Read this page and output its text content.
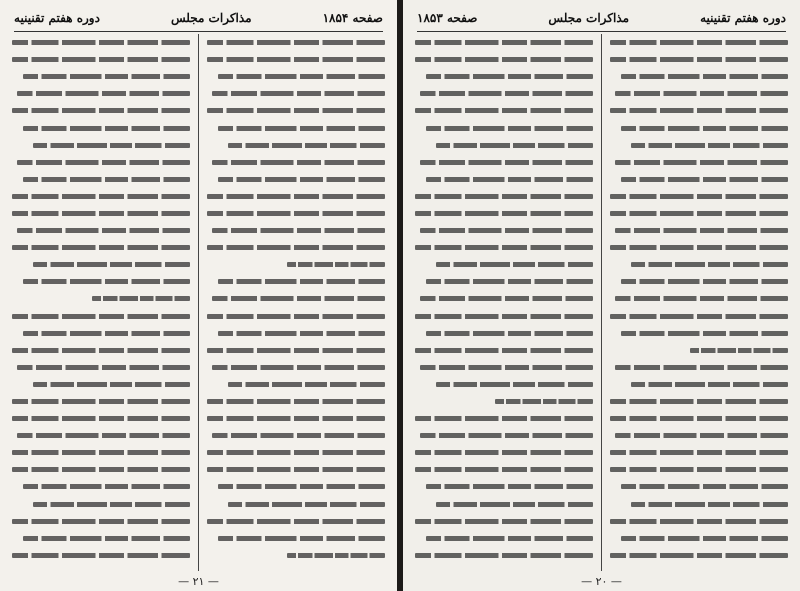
صفحه ۱۸۵۴
مذاکرات مجلس
دوره هفتم تقنينيه
— ۲۱ —
دوره هفتم تقنينيه
مذاکرات مجلس
صفحه ۱۸۵۳
— ۲۰ —
